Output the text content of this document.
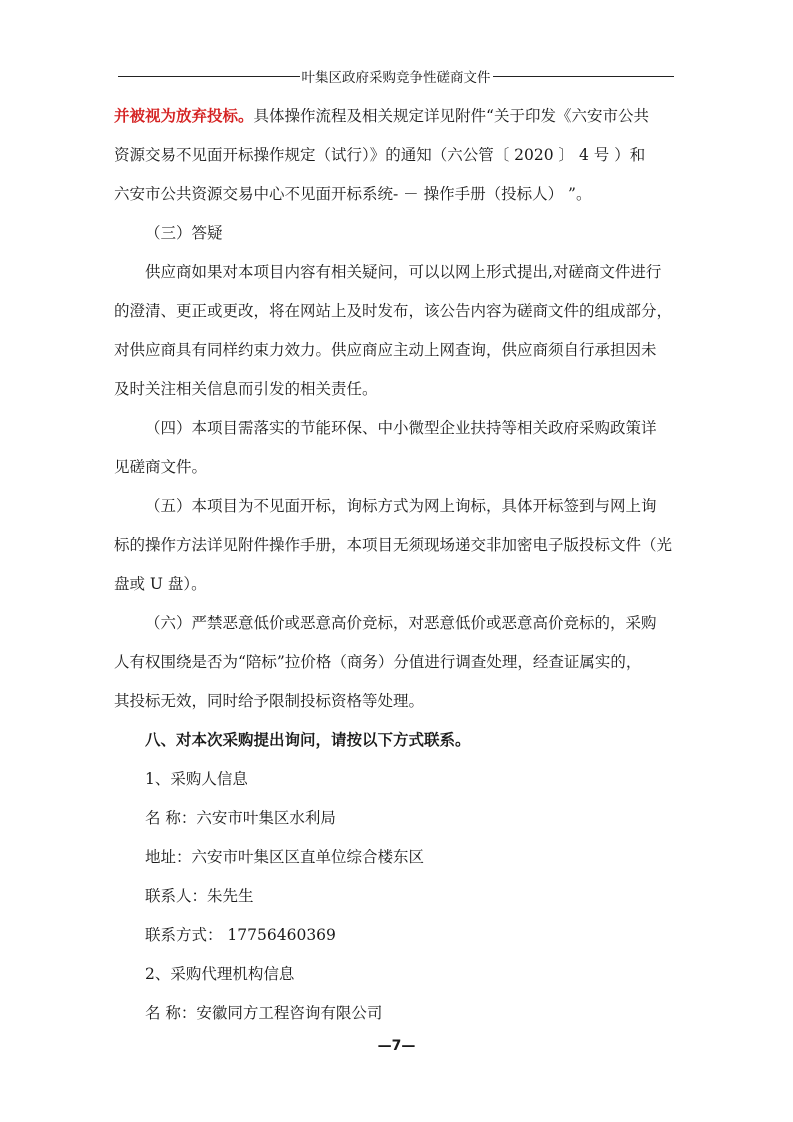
叶集区政府采购竞争性磋商文件
并被视为放弃投标。具体操作流程及相关规定详见附件“关于印发《六安市公共
资源交易不见面开标操作规定（试行）》的通知（六公管〔 2020 〕 4 号 ）和
六安市公共资源交易中心不见面开标系统- － 操作手册（投标人） ”。
（三）答疑
供应商如果对本项目内容有相关疑问，可以以网上形式提出,对磋商文件进行
的澄清、更正或更改，将在网站上及时发布，该公告内容为磋商文件的组成部分，
对供应商具有同样约束力效力。供应商应主动上网查询，供应商须自行承担因未
及时关注相关信息而引发的相关责任。
（四）本项目需落实的节能环保、中小微型企业扶持等相关政府采购政策详
见磋商文件。
（五）本项目为不见面开标，询标方式为网上询标，具体开标签到与网上询
标的操作方法详见附件操作手册，本项目无须现场递交非加密电子版投标文件（光
盘或 U 盘）。
（六）严禁恶意低价或恶意高价竞标，对恶意低价或恶意高价竞标的，采购
人有权围绕是否为“陪标”拉价格（商务）分值进行调查处理，经查证属实的，
其投标无效，同时给予限制投标资格等处理。
八、对本次采购提出询问，请按以下方式联系。
1、采购人信息
名 称：六安市叶集区水利局
地址：六安市叶集区区直单位综合楼东区
联系人：朱先生
联系方式： 17756460369
2、采购代理机构信息
名 称：安徽同方工程咨询有限公司
—7—
